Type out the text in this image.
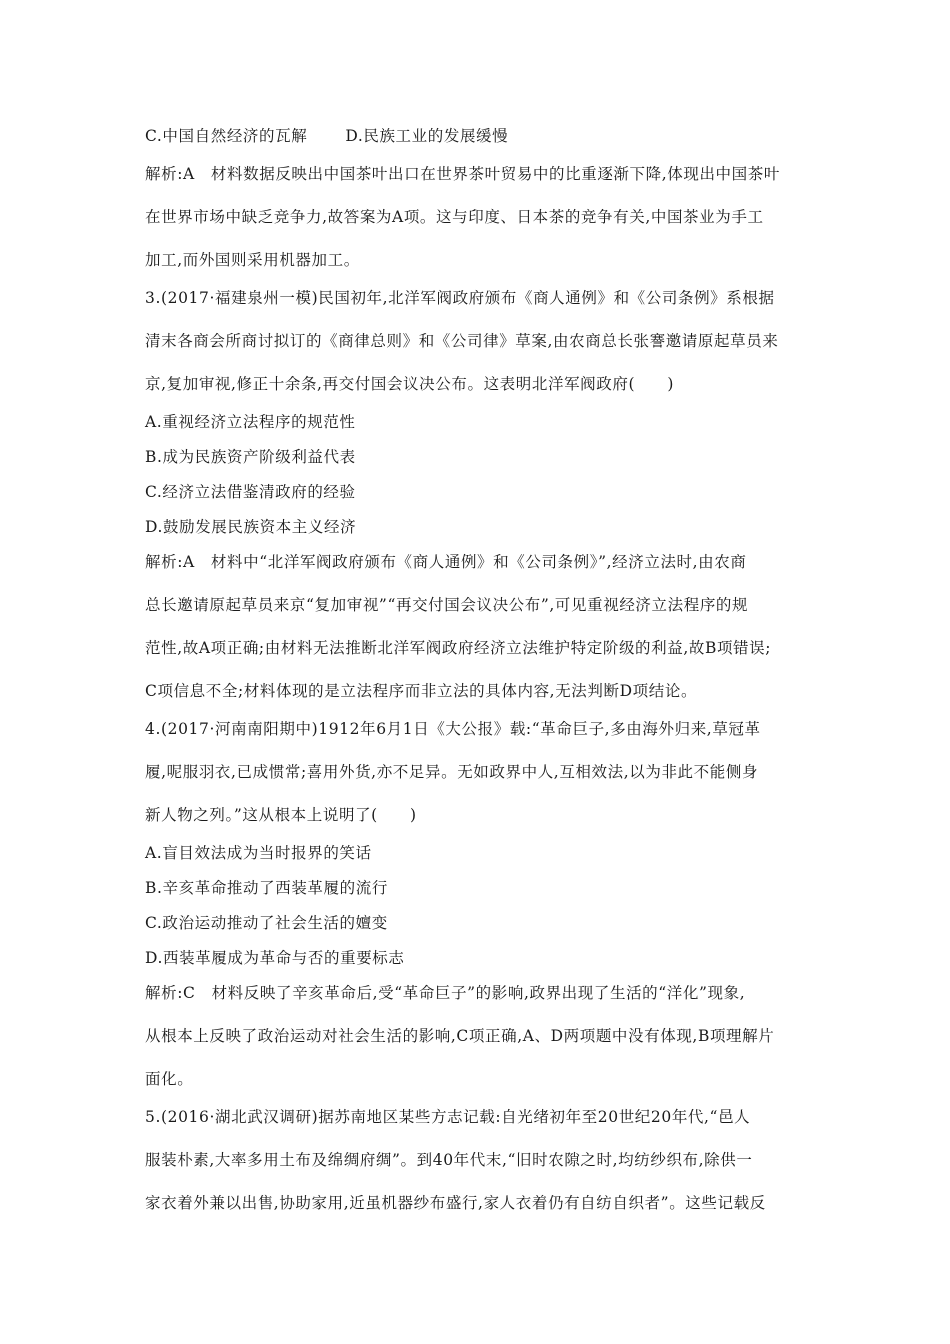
C.中国自然经济的瓦解 D.民族工业的发展缓慢

解析:A　材料数据反映出中国茶叶出口在世界茶叶贸易中的比重逐渐下降,体现出中国茶叶

在世界市场中缺乏竞争力,故答案为A项。这与印度、日本茶的竞争有关,中国茶业为手工

加工,而外国则采用机器加工。

3.(2017·福建泉州一模)民国初年,北洋军阀政府颁布《商人通例》和《公司条例》系根据

清末各商会所商讨拟订的《商律总则》和《公司律》草案,由农商总长张謇邀请原起草员来

京,复加审视,修正十余条,再交付国会议决公布。这表明北洋军阀政府(　　)

A.重视经济立法程序的规范性

B.成为民族资产阶级利益代表

C.经济立法借鉴清政府的经验

D.鼓励发展民族资本主义经济

解析:A　材料中“北洋军阀政府颁布《商人通例》和《公司条例》”,经济立法时,由农商

总长邀请原起草员来京“复加审视”“再交付国会议决公布”,可见重视经济立法程序的规

范性,故A项正确;由材料无法推断北洋军阀政府经济立法维护特定阶级的利益,故B项错误;

C项信息不全;材料体现的是立法程序而非立法的具体内容,无法判断D项结论。

4.(2017·河南南阳期中)1912年6月1日《大公报》载:“革命巨子,多由海外归来,草冠革

履,呢服羽衣,已成惯常;喜用外货,亦不足异。无如政界中人,互相效法,以为非此不能侧身

新人物之列。”这从根本上说明了(　　)

A.盲目效法成为当时报界的笑话

B.辛亥革命推动了西装革履的流行

C.政治运动推动了社会生活的嬗变

D.西装革履成为革命与否的重要标志

解析:C　材料反映了辛亥革命后,受“革命巨子”的影响,政界出现了生活的“洋化”现象,

从根本上反映了政治运动对社会生活的影响,C项正确,A、D两项题中没有体现,B项理解片

面化。

5.(2016·湖北武汉调研)据苏南地区某些方志记载:自光绪初年至20世纪20年代,“邑人

服装朴素,大率多用土布及绵绸府绸”。到40年代末,“旧时农隙之时,均纺纱织布,除供一

家衣着外兼以出售,协助家用,近虽机器纱布盛行,家人衣着仍有自纺自织者”。这些记载反
